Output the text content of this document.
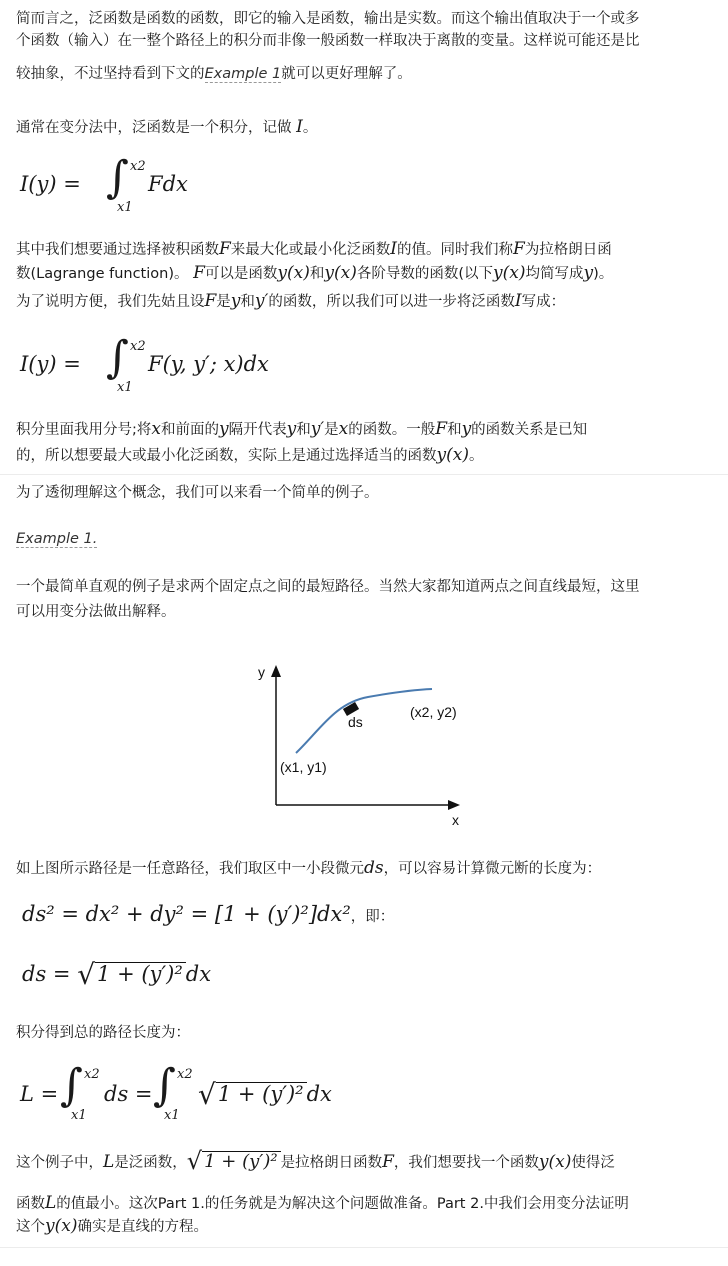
简而言之，泛函数是函数的函数，即它的输入是函数，输出是实数。而这个输出值取决于一个或多
个函数（输入）在一整个路径上的积分而非像一般函数一样取决于离散的变量。这样说可能还是比
较抽象，不过坚持看到下文的Example 1就可以更好理解了。
通常在变分法中，泛函数是一个积分，记做 I。
I(y) = ∫ x2
x1
Fdx
其中我们想要通过选择被积函数F来最大化或最小化泛函数I的值。同时我们称F为拉格朗日函
数(Lagrange function)。 F可以是函数y(x)和y(x)各阶导数的函数(以下y(x)均简写成y)。
为了说明方便，我们先姑且设F是y和y′的函数，所以我们可以进一步将泛函数I写成：
I(y) = ∫ x2
x1
F(y, y′; x)dx
积分里面我用分号;将x和前面的y隔开代表y和y′是x的函数。一般F和y的函数关系是已知
的，所以想要最大或最小化泛函数，实际上是通过选择适当的函数y(x)。
为了透彻理解这个概念，我们可以来看一个简单的例子。
Example 1.
一个最简单直观的例子是求两个固定点之间的最短路径。当然大家都知道两点之间直线最短，这里
可以用变分法做出解释。
y
x
ds
(x2, y2)
(x1, y1)
如上图所示路径是一任意路径，我们取区中一小段微元ds，可以容易计算微元断的长度为：
ds² = dx² + dy² = [1 + (y′)²]dx²，即：
ds = √1 + (y′)² dx
积分得到总的路径长度为：
L = ∫ x2
x1
ds = ∫ x2
x1
√1 + (y′)² dx
这个例子中，L是泛函数，√ 1 + (y′)² 是拉格朗日函数F，我们想要找一个函数y(x)使得泛
函数L的值最小。这次Part 1.的任务就是为解决这个问题做准备。Part 2.中我们会用变分法证明
这个y(x)确实是直线的方程。
